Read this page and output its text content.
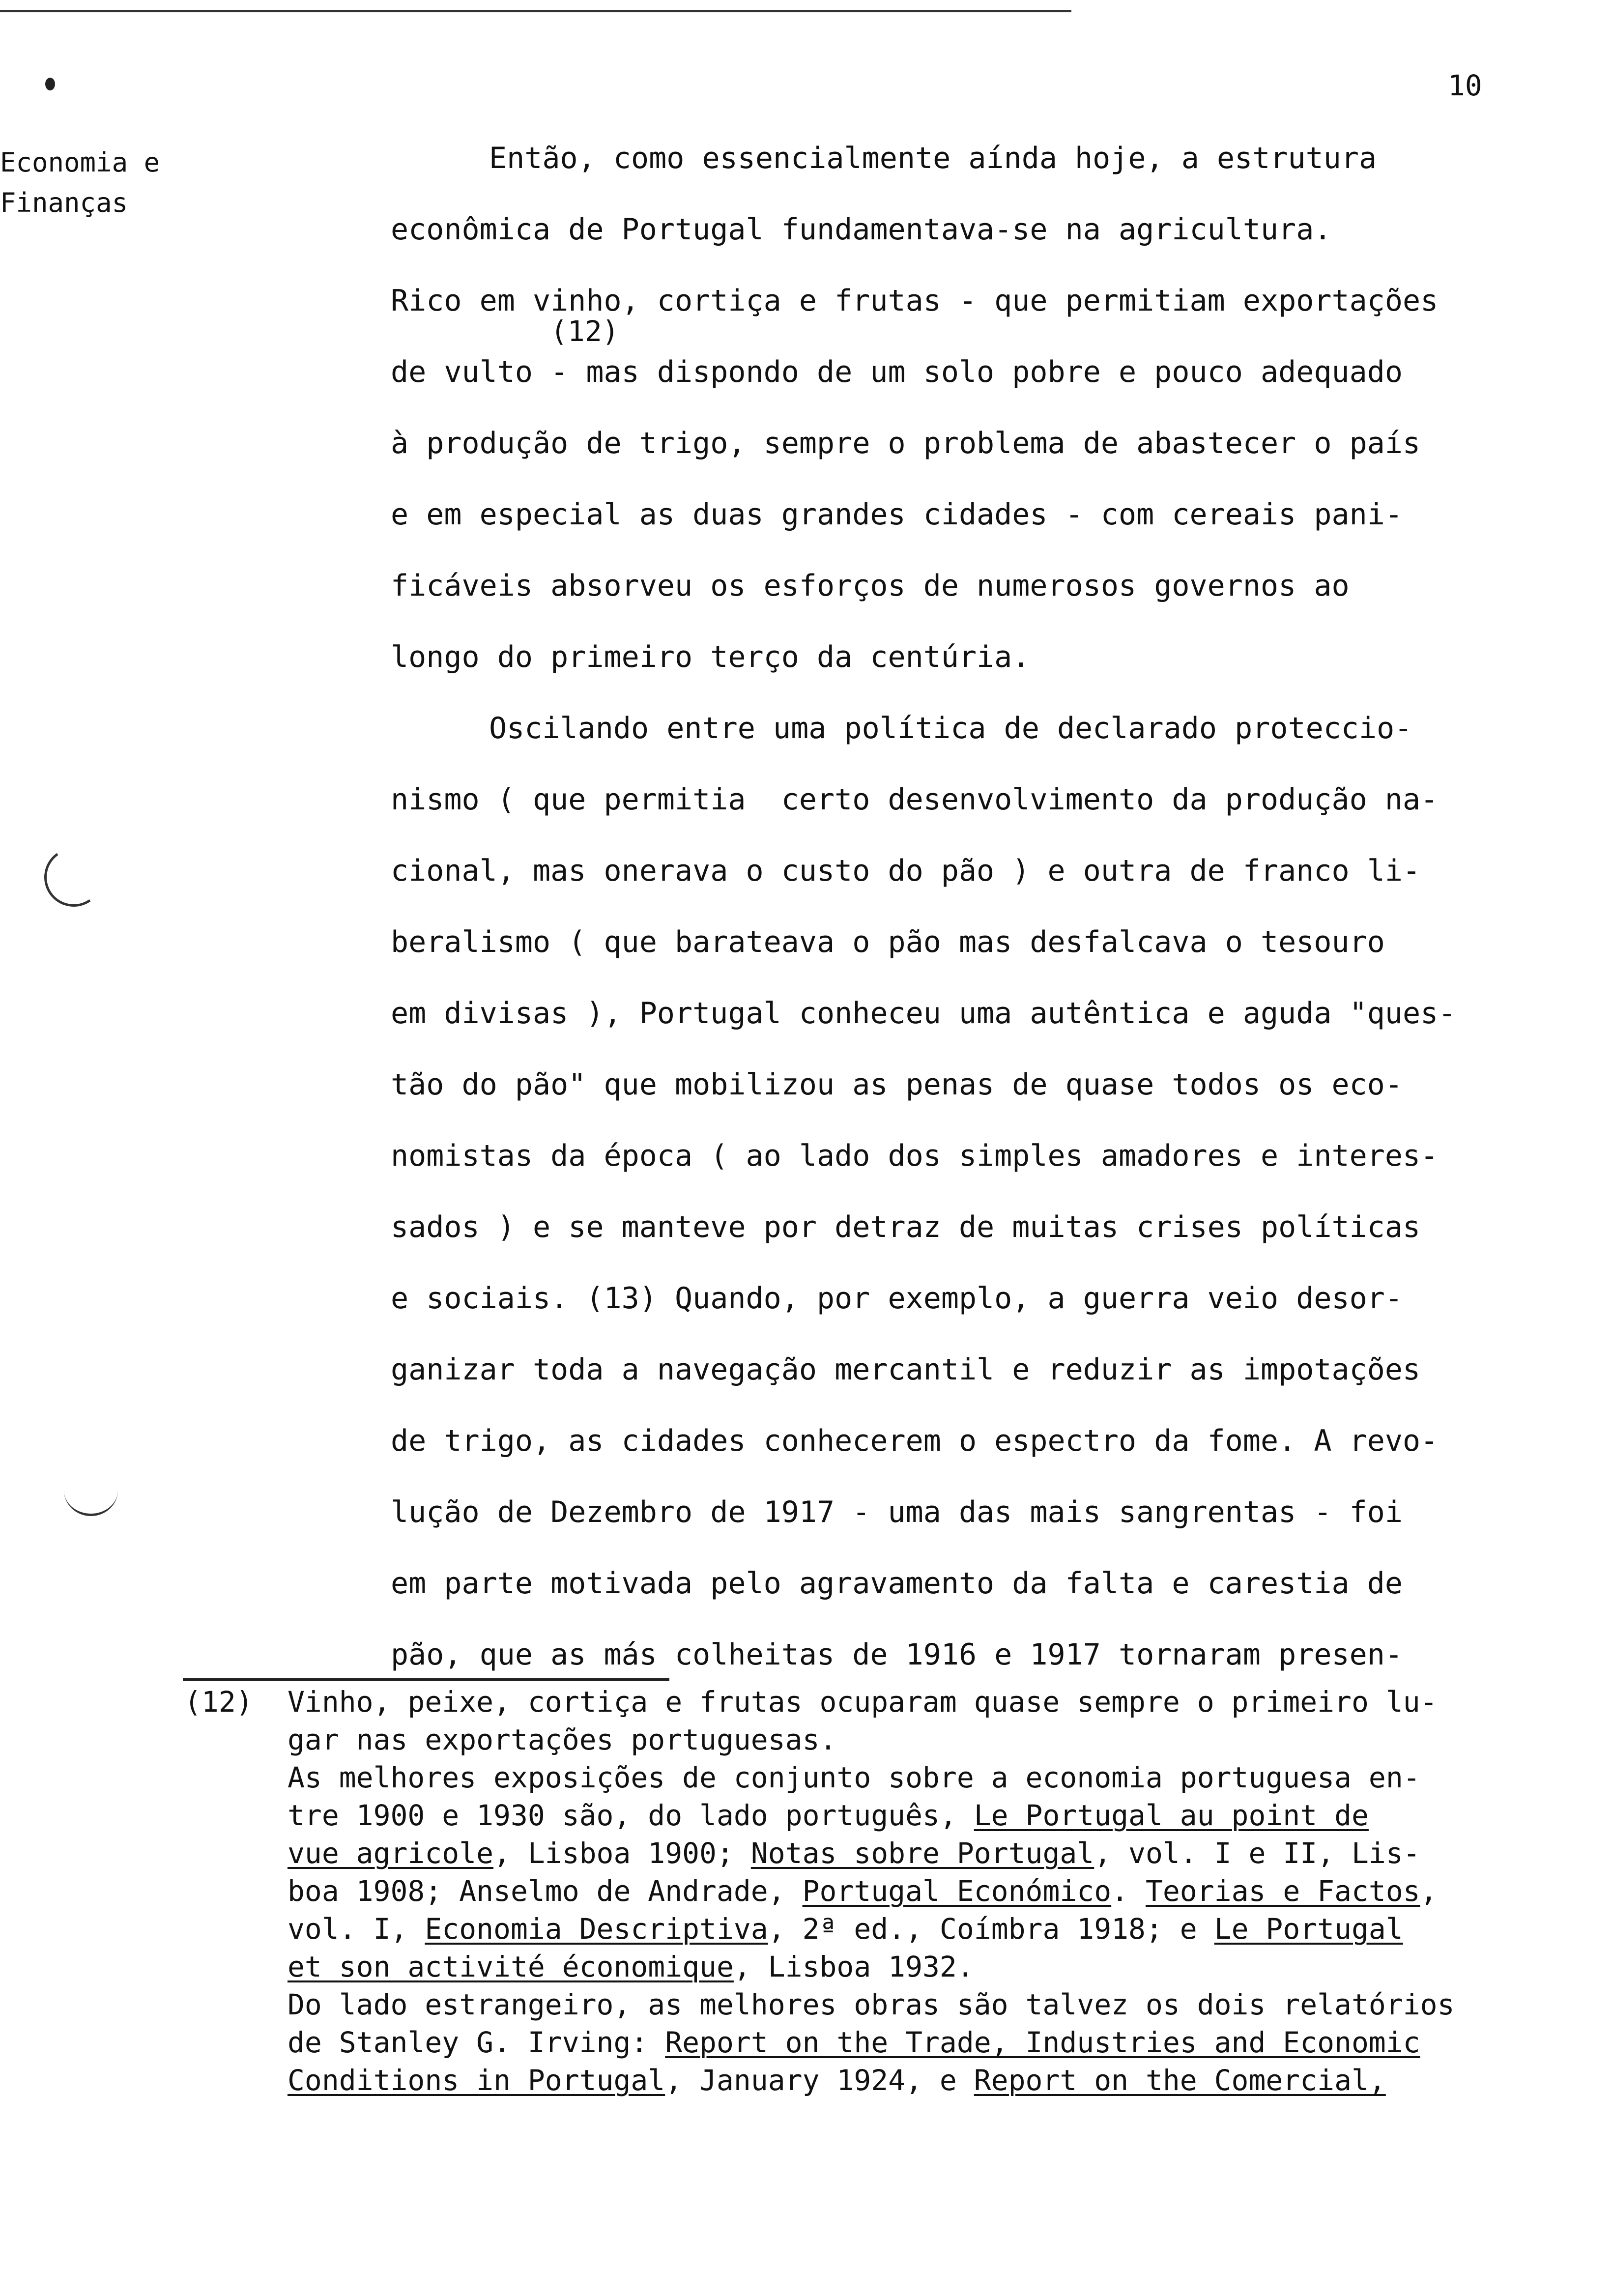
10
Economia e
Finanças
Então, como essencialmente aínda hoje, a estrutura
econômica de Portugal fundamentava-se na agricultura.
Rico em vinho, cortiça e frutas - que permitiam exportações
de vulto - mas dispondo de um solo pobre e pouco adequado
à produção de trigo, sempre o problema de abastecer o país
e em especial as duas grandes cidades - com cereais pani-
ficáveis absorveu os esforços de numerosos governos ao
longo do primeiro terço da centúria.
Oscilando entre uma política de declarado proteccio-
nismo ( que permitia  certo desenvolvimento da produção na-
cional, mas onerava o custo do pão ) e outra de franco li-
beralismo ( que barateava o pão mas desfalcava o tesouro
em divisas ), Portugal conheceu uma autêntica e aguda "ques-
tão do pão" que mobilizou as penas de quase todos os eco-
nomistas da época ( ao lado dos simples amadores e interes-
sados ) e se manteve por detraz de muitas crises políticas
e sociais. (13) Quando, por exemplo, a guerra veio desor-
ganizar toda a navegação mercantil e reduzir as impotações
de trigo, as cidades conhecerem o espectro da fome. A revo-
lução de Dezembro de 1917 - uma das mais sangrentas - foi
em parte motivada pelo agravamento da falta e carestia de
pão, que as más colheitas de 1916 e 1917 tornaram presen-
(12)
(12) Vinho, peixe, cortiça e frutas ocuparam quase sempre o primeiro lu-
gar nas exportações portuguesas.
As melhores exposições de conjunto sobre a economia portuguesa en-
tre 1900 e 1930 são, do lado português, Le Portugal au point de
vue agricole, Lisboa 1900; Notas sobre Portugal, vol. I e II, Lis-
boa 1908; Anselmo de Andrade, Portugal Económico. Teorias e Factos,
vol. I, Economia Descriptiva, 2ª ed., Coímbra 1918; e Le Portugal
et son activité économique, Lisboa 1932.
Do lado estrangeiro, as melhores obras são talvez os dois relatórios
de Stanley G. Irving: Report on the Trade, Industries and Economic
Conditions in Portugal, January 1924, e Report on the Comercial,
